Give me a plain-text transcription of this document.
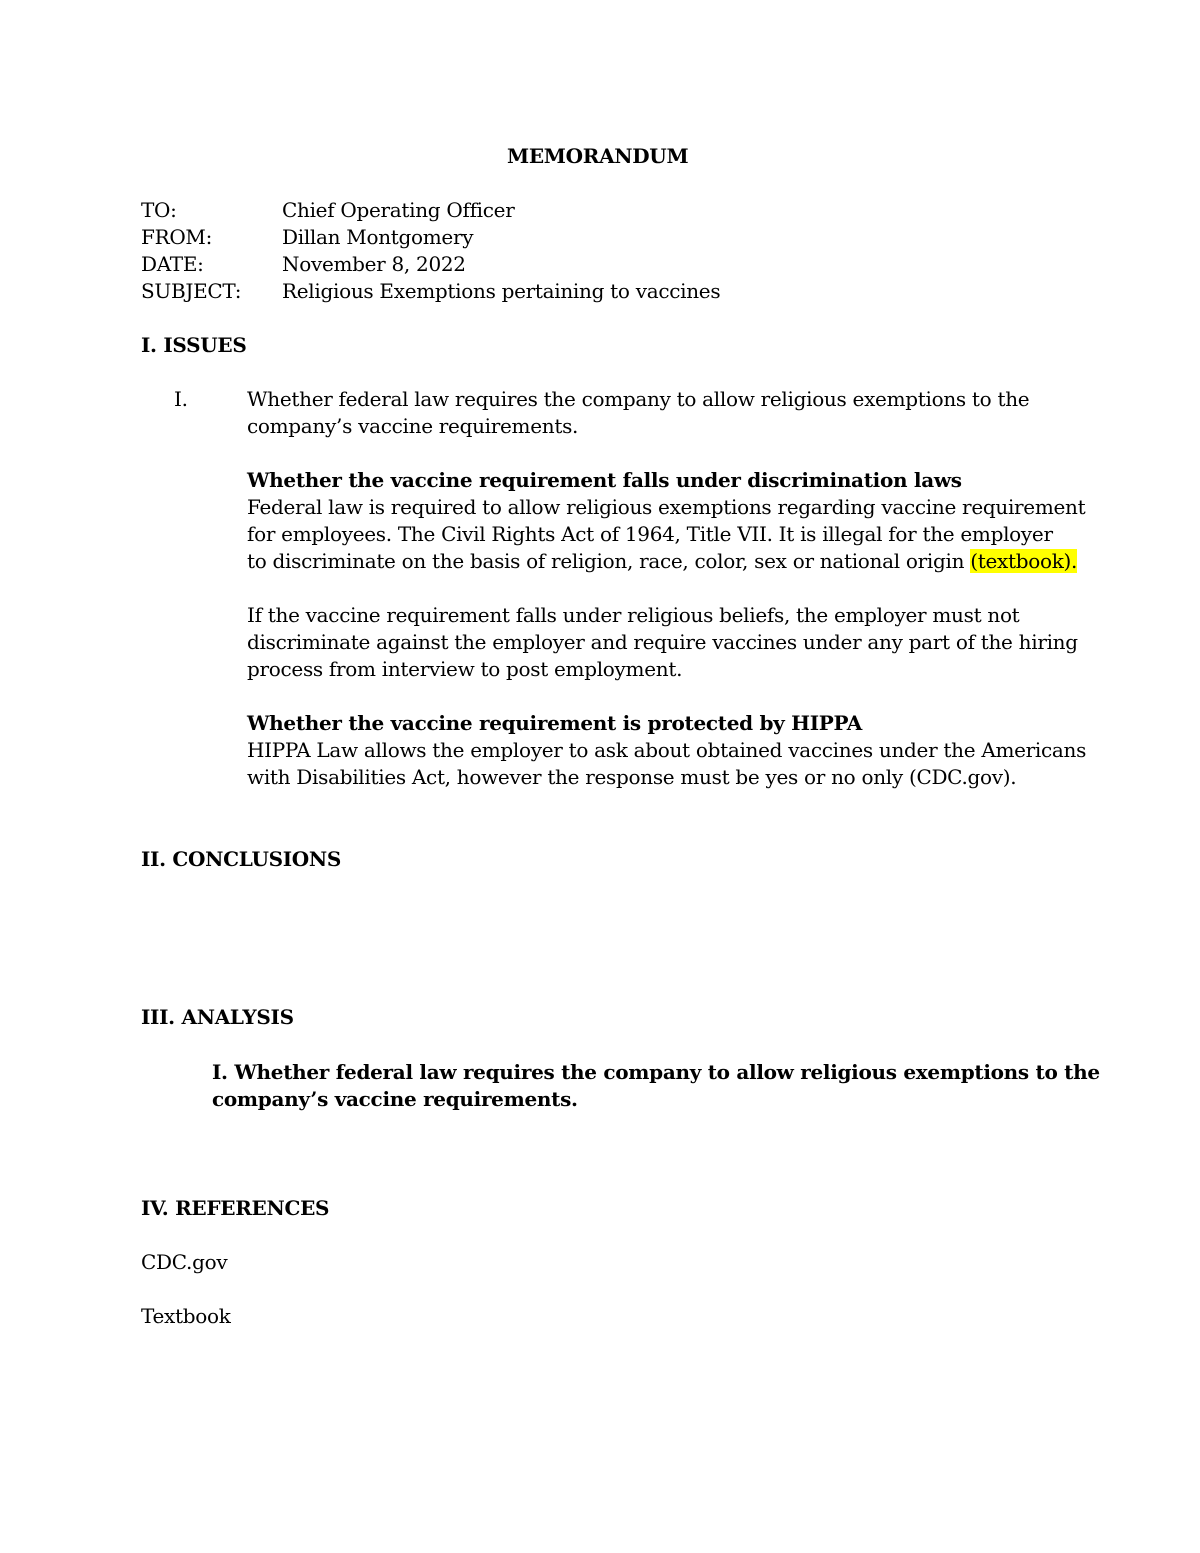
MEMORANDUM
TO:	Chief Operating Officer
FROM:	Dillan Montgomery
DATE:	November 8, 2022
SUBJECT: Religious Exemptions pertaining to vaccines
I. ISSUES
I.	Whether federal law requires the company to allow religious exemptions to the
company’s vaccine requirements.
Whether the vaccine requirement falls under discrimination laws
Federal law is required to allow religious exemptions regarding vaccine requirement
for employees. The Civil Rights Act of 1964, Title VII. It is illegal for the employer
to discriminate on the basis of religion, race, color, sex or national origin (textbook).
If the vaccine requirement falls under religious beliefs, the employer must not
discriminate against the employer and require vaccines under any part of the hiring
process from interview to post employment.
Whether the vaccine requirement is protected by HIPPA
HIPPA Law allows the employer to ask about obtained vaccines under the Americans
with Disabilities Act, however the response must be yes or no only (CDC.gov).
II. CONCLUSIONS
III. ANALYSIS
I. Whether federal law requires the company to allow religious exemptions to the
company’s vaccine requirements.
IV. REFERENCES
CDC.gov
Textbook
